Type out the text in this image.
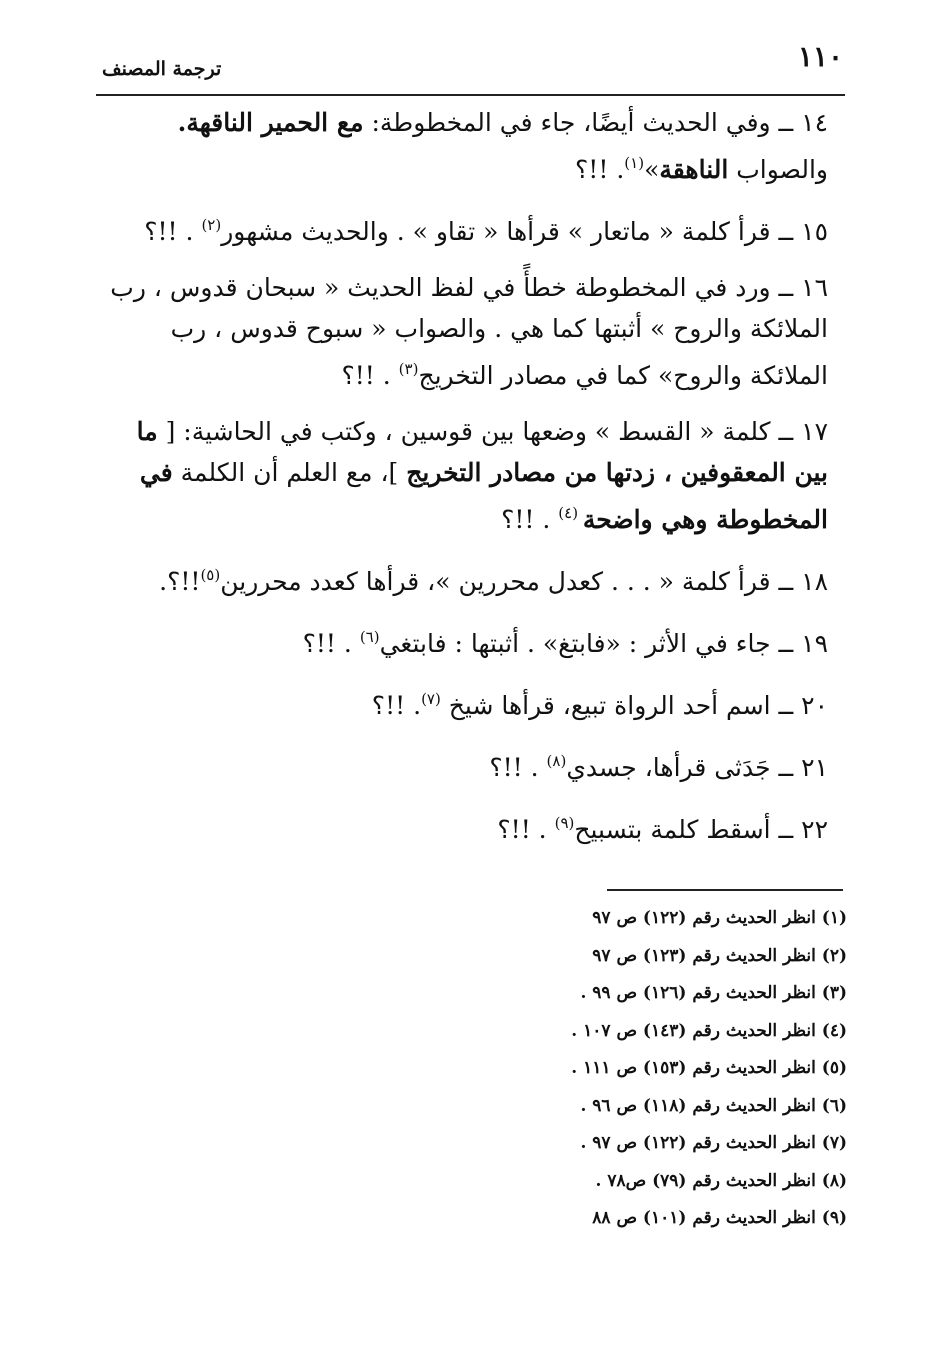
١١٠
ترجمة المصنف

١٤ ــ وفي الحديث أيضًا، جاء في المخطوطة: مع الحمير الناقهة. والصواب الناهقة»$^{(١)}$. !!؟

١٥ ــ قرأ كلمة « ماتعار » قرأها « تقاو » . والحديث مشهور$^{(٢)}$ . !!؟

١٦ ــ ورد في المخطوطة خطأً في لفظ الحديث « سبحان قدوس ، رب الملائكة والروح » أثبتها كما هي . والصواب « سبوح قدوس ، رب الملائكة والروح» كما في مصادر التخريج$^{(٣)}$ . !!؟

١٧ ــ كلمة « القسط » وضعها بين قوسين ، وكتب في الحاشية: [ ما بين المعقوفين ، زدتها من مصادر التخريج ]، مع العلم أن الكلمة في المخطوطة وهي واضحة $^{(٤)}$ . !!؟

١٨ ــ قرأ كلمة « . . . كعدل محررين »، قرأها كعدد محررين$^{(٥)}$!!؟.

١٩ ــ جاء في الأثر : «فابتغ» . أثبتها : فابتغي$^{(٦)}$ . !!؟

٢٠ ــ اسم أحد الرواة تبيع، قرأها شيخ $^{(٧)}$. !!؟

٢١ ــ جَدَثى قرأها، جسدي$^{(٨)}$ . !!؟

٢٢ ــ أسقط كلمة بتسبيح$^{(٩)}$ . !!؟

(١) انظر الحديث رقم (١٢٢) ص ٩٧
(٢) انظر الحديث رقم (١٢٣) ص ٩٧
(٣) انظر الحديث رقم (١٢٦) ص ٩٩ .
(٤) انظر الحديث رقم (١٤٣) ص ١٠٧ .
(٥) انظر الحديث رقم (١٥٣) ص ١١١ .
(٦) انظر الحديث رقم (١١٨) ص ٩٦ .
(٧) انظر الحديث رقم (١٢٢) ص ٩٧ .
(٨) انظر الحديث رقم (٧٩) ص٧٨ .
(٩) انظر الحديث رقم (١٠١) ص ٨٨
